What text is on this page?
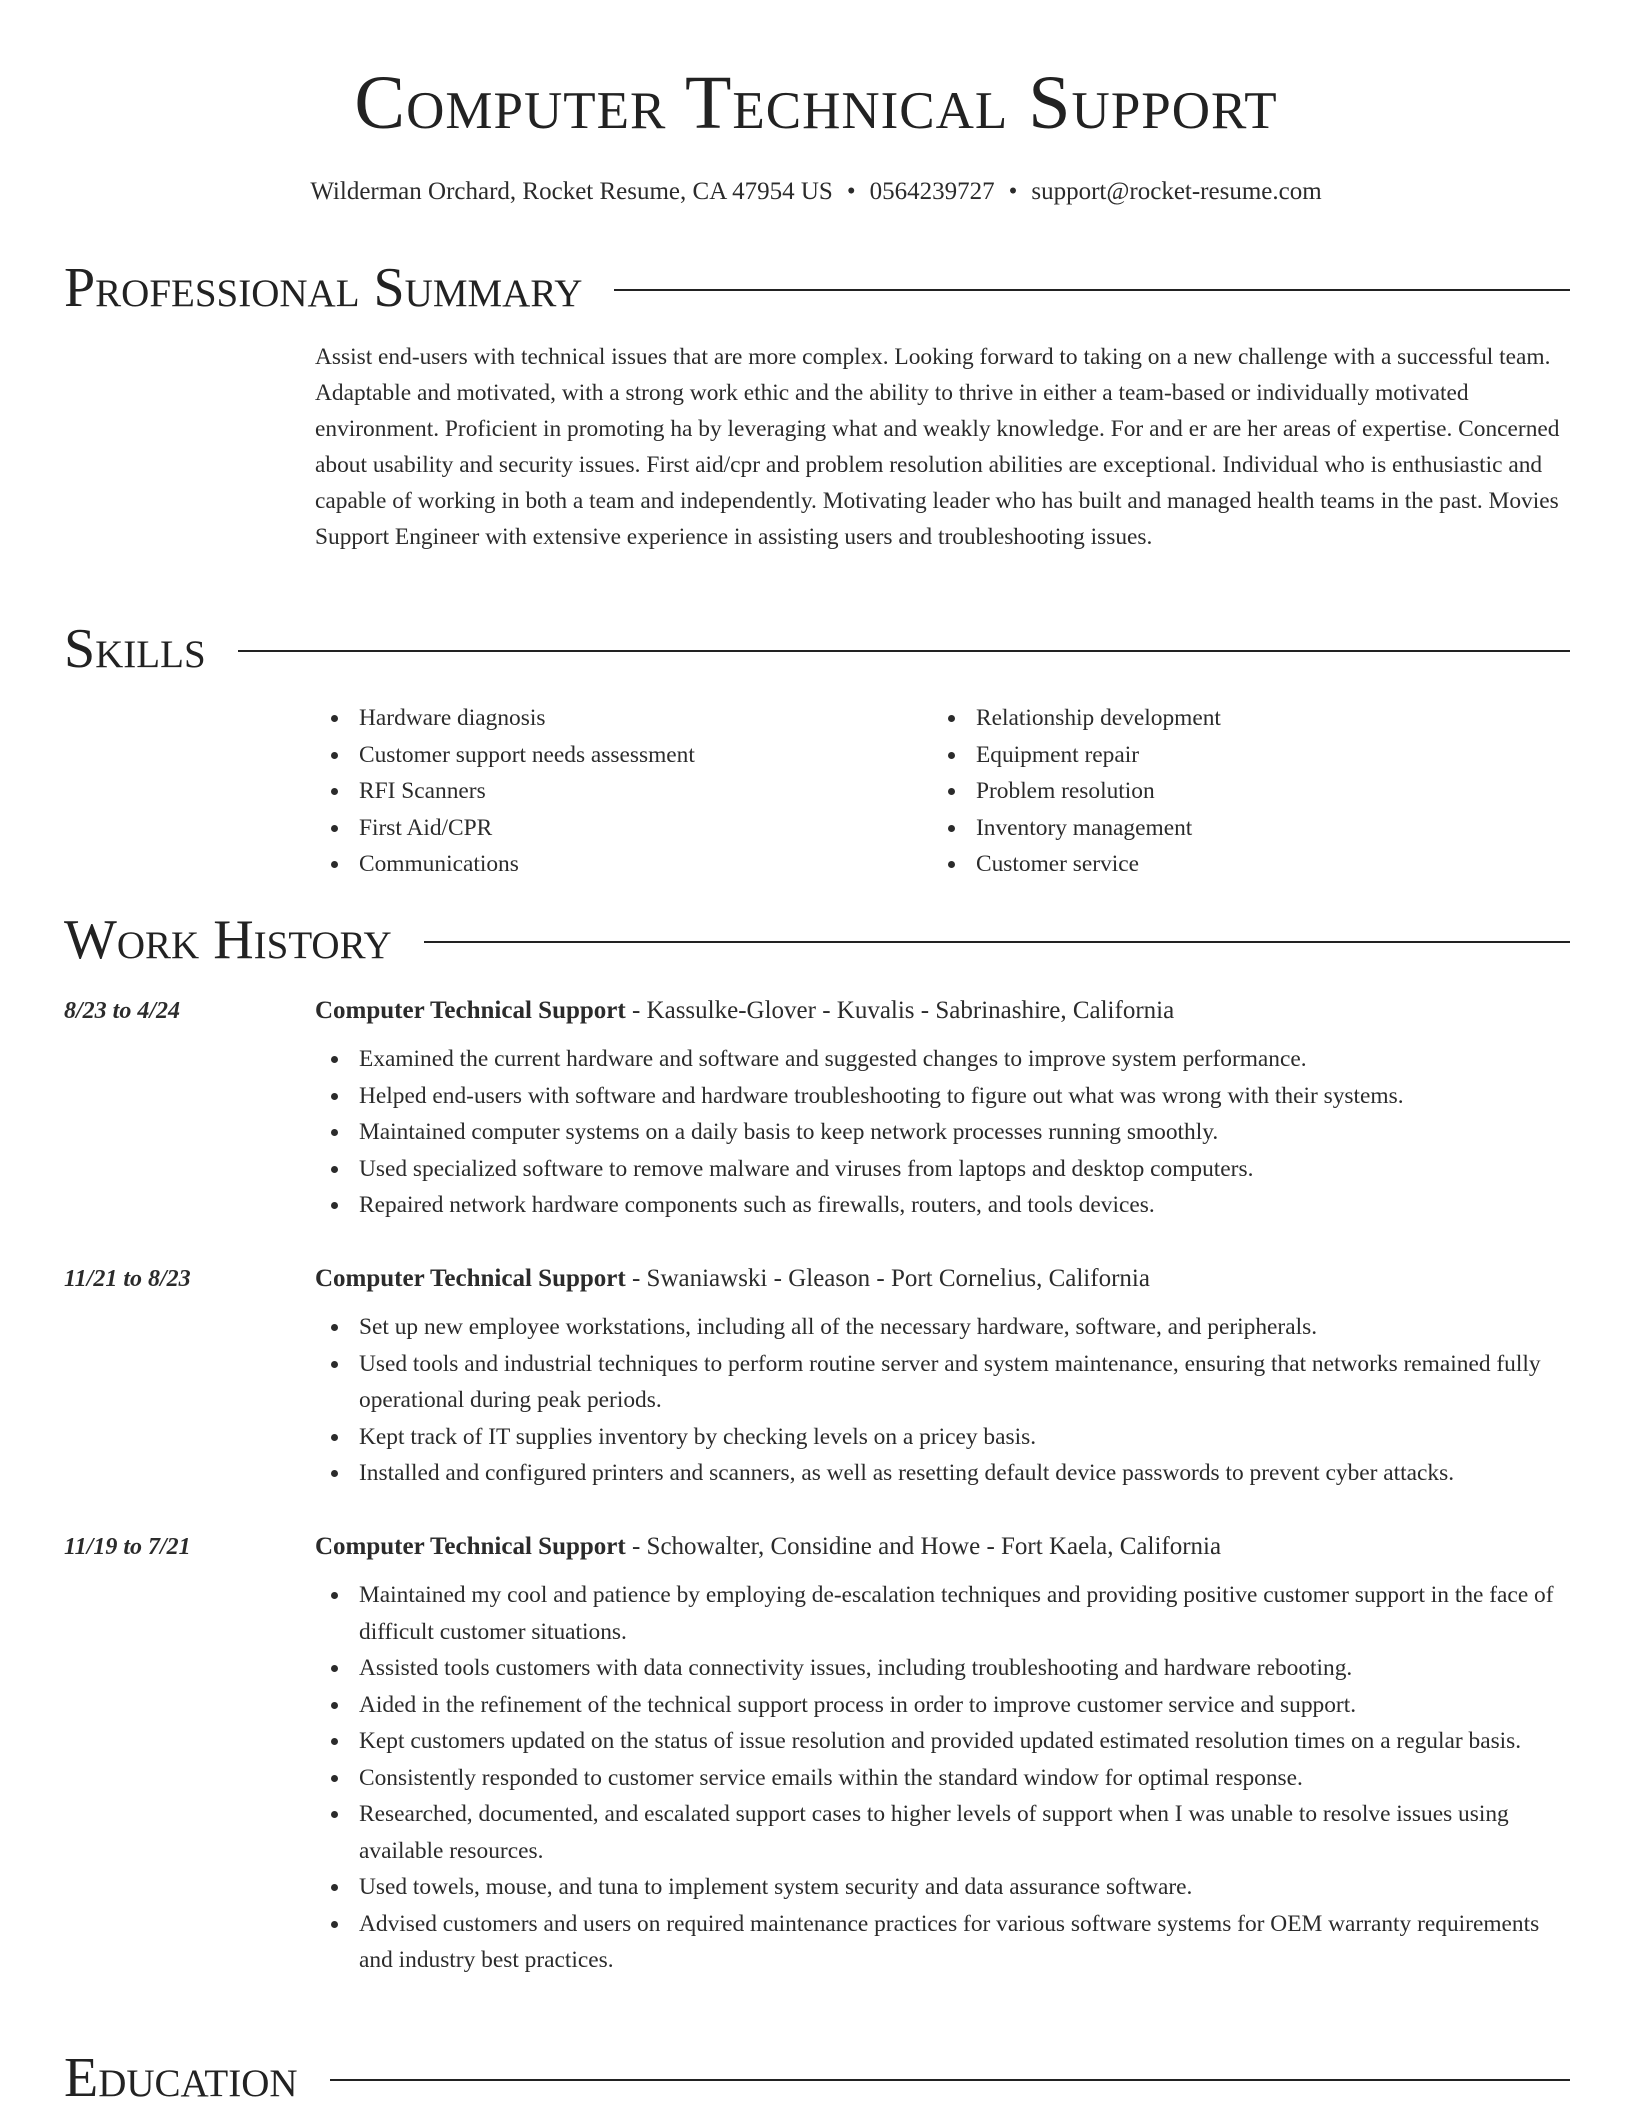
Computer Technical Support
Wilderman Orchard, Rocket Resume, CA 47954 US • 0564239727 • support@rocket-resume.com
Professional Summary

Assist end-users with technical issues that are more complex. Looking forward to taking on a new challenge with a successful team. Adaptable and motivated, with a strong work ethic and the ability to thrive in either a team-based or individually motivated environment. Proficient in promoting ha by leveraging what and weakly knowledge. For and er are her areas of expertise. Concerned about usability and security issues. First aid/cpr and problem resolution abilities are exceptional. Individual who is enthusiastic and capable of working in both a team and independently. Motivating leader who has built and managed health teams in the past. Movies Support Engineer with extensive experience in assisting users and troubleshooting issues.

Skills
Hardware diagnosis
Customer support needs assessment
RFI Scanners
First Aid/CPR
Communications
Relationship development
Equipment repair
Problem resolution
Inventory management
Customer service
Work History
8/23 to 4/24	Computer Technical Support - Kassulke-Glover - Kuvalis - Sabrinashire, California
Examined the current hardware and software and suggested changes to improve system performance.
Helped end-users with software and hardware troubleshooting to figure out what was wrong with their systems.
Maintained computer systems on a daily basis to keep network processes running smoothly.
Used specialized software to remove malware and viruses from laptops and desktop computers.
Repaired network hardware components such as firewalls, routers, and tools devices.
11/21 to 8/23	Computer Technical Support - Swaniawski - Gleason - Port Cornelius, California
Set up new employee workstations, including all of the necessary hardware, software, and peripherals.
Used tools and industrial techniques to perform routine server and system maintenance, ensuring that networks remained fully operational during peak periods.
Kept track of IT supplies inventory by checking levels on a pricey basis.
Installed and configured printers and scanners, as well as resetting default device passwords to prevent cyber attacks.
11/19 to 7/21	Computer Technical Support - Schowalter, Considine and Howe - Fort Kaela, California
Maintained my cool and patience by employing de-escalation techniques and providing positive customer support in the face of difficult customer situations.
Assisted tools customers with data connectivity issues, including troubleshooting and hardware rebooting.
Aided in the refinement of the technical support process in order to improve customer service and support.
Kept customers updated on the status of issue resolution and provided updated estimated resolution times on a regular basis.
Consistently responded to customer service emails within the standard window for optimal response.
Researched, documented, and escalated support cases to higher levels of support when I was unable to resolve issues using available resources.
Used towels, mouse, and tuna to implement system security and data assurance software.
Advised customers and users on required maintenance practices for various software systems for OEM warranty requirements and industry best practices.
Education
